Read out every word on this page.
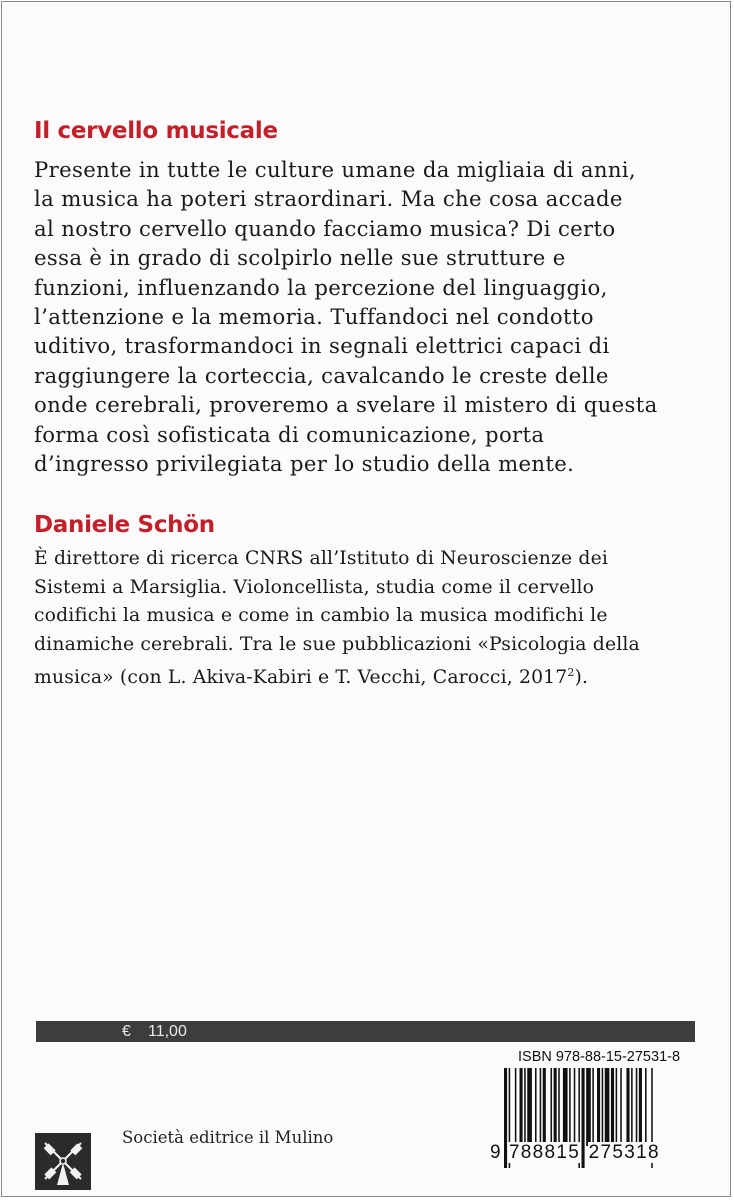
Il cervello musicale

Presente in tutte le culture umane da migliaia di anni,
la musica ha poteri straordinari. Ma che cosa accade
al nostro cervello quando facciamo musica? Di certo
essa è in grado di scolpirlo nelle sue strutture e
funzioni, influenzando la percezione del linguaggio,
l’attenzione e la memoria. Tuffandoci nel condotto
uditivo, trasformandoci in segnali elettrici capaci di
raggiungere la corteccia, cavalcando le creste delle
onde cerebrali, proveremo a svelare il mistero di questa
forma così sofisticata di comunicazione, porta
d’ingresso privilegiata per lo studio della mente.

Daniele Schön

È direttore di ricerca CNRS all’Istituto di Neuroscienze dei
Sistemi a Marsiglia. Violoncellista, studia come il cervello
codifichi la musica e come in cambio la musica modifichi le
dinamiche cerebrali. Tra le sue pubblicazioni «Psicologia della
musica» (con L. Akiva-Kabiri e T. Vecchi, Carocci, 2017$^2$).

€ 11,00
ISBN 978-88-15-27531-8
9 788815 275318
Società editrice il Mulino
